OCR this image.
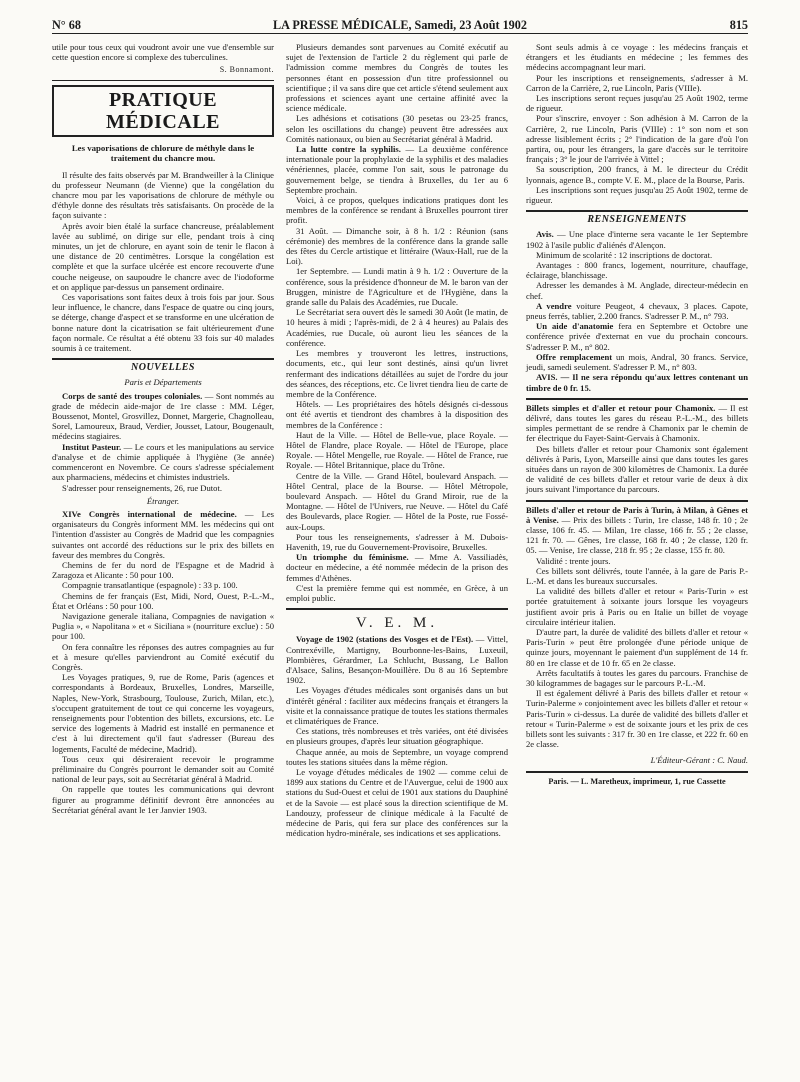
N° 68	LA PRESSE MÉDICALE, Samedi, 23 Août 1902	815

utile pour tous ceux qui voudront avoir une vue d'ensemble sur cette question encore si complexe des tuberculines.

S. Bonnamont.
PRATIQUE MÉDICALE
Les vaporisations de chlorure de méthyle dans le traitement du chancre mou.

Il résulte des faits observés par M. Brandweiller à la Clinique du professeur Neumann (de Vienne) que la congélation du chancre mou par les vaporisations de chlorure de méthyle ou d'éthyle donne des résultats très satisfaisants. On procède de la façon suivante :

Après avoir bien étalé la surface chancreuse, préalablement lavée au sublimé, on dirige sur elle, pendant trois à cinq minutes, un jet de chlorure, en ayant soin de tenir le flacon à une distance de 20 centimètres. Lorsque la congélation est complète et que la surface ulcérée est encore recouverte d'une couche neigeuse, on saupoudre le chancre avec de l'iodoforme et on applique par-dessus un pansement ordinaire.

Ces vaporisations sont faites deux à trois fois par jour. Sous leur influence, le chancre, dans l'espace de quatre ou cinq jours, se déterge, change d'aspect et se transforme en une ulcération de bonne nature dont la cicatrisation se fait ultérieurement d'une façon normale. Ce résultat a été obtenu 33 fois sur 40 malades soumis à ce traitement.

NOUVELLES
Paris et Départements

Corps de santé des troupes coloniales. — Sont nommés au grade de médecin aide-major de 1re classe : MM. Léger, Boussenot, Montel, Grosvillez, Donnet, Margerie, Chagnolleau, Sorel, Lamoureux, Braud, Verdier, Jousset, Latour, Bougenault, médecins stagiaires.

Institut Pasteur. — Le cours et les manipulations au service d'analyse et de chimie appliquée à l'hygiène (3e année) commenceront en Novembre. Ce cours s'adresse spécialement aux pharmaciens, médecins et chimistes industriels.

S'adresser pour renseignements, 26, rue Dutot.

Étranger.

XIVe Congrès international de médecine. — Les organisateurs du Congrès informent MM. les médecins qui ont l'intention d'assister au Congrès de Madrid que les compagnies suivantes ont accordé des réductions sur le prix des billets en faveur des membres du Congrès.

Chemins de fer du nord de l'Espagne et de Madrid à Zaragoza et Alicante : 50 pour 100.

Compagnie transatlantique (espagnole) : 33 p. 100.

Chemins de fer français (Est, Midi, Nord, Ouest, P.-L.-M., État et Orléans : 50 pour 100.

Navigazione generale italiana, Compagnies de navigation « Puglia », « Napolitana » et « Siciliana » (nourriture exclue) : 50 pour 100.

On fera connaître les réponses des autres compagnies au fur et à mesure qu'elles parviendront au Comité exécutif du Congrès.

Les Voyages pratiques, 9, rue de Rome, Paris (agences et correspondants à Bordeaux, Bruxelles, Londres, Marseille, Naples, New-York, Strasbourg, Toulouse, Zurich, Milan, etc.), s'occupent gratuitement de tout ce qui concerne les voyageurs, renseignements pour l'obtention des billets, excursions, etc. Le service des logements à Madrid est installé en permanence et c'est à lui directement qu'il faut s'adresser (Bureau des logements, Faculté de médecine, Madrid).

Tous ceux qui désireraient recevoir le programme préliminaire du Congrès pourront le demander soit au Comité national de leur pays, soit au Secrétariat général à Madrid.

On rappelle que toutes les communications qui devront figurer au programme définitif devront être annoncées au Secrétariat général avant le 1er Janvier 1903.

Plusieurs demandes sont parvenues au Comité exécutif au sujet de l'extension de l'article 2 du règlement qui parle de l'admission comme membres du Congrès de toutes les personnes étant en possession d'un titre professionnel ou scientifique ; il va sans dire que cet article s'étend seulement aux professions et sciences ayant une certaine affinité avec la science médicale.

Les adhésions et cotisations (30 pesetas ou 23-25 francs, selon les oscillations du change) peuvent être adressées aux Comités nationaux, ou bien au Secrétariat général à Madrid.

La lutte contre la syphilis. — La deuxième conférence internationale pour la prophylaxie de la syphilis et des maladies vénériennes, placée, comme l'on sait, sous le patronage du gouvernement belge, se tiendra à Bruxelles, du 1er au 6 Septembre prochain.

Voici, à ce propos, quelques indications pratiques dont les membres de la conférence se rendant à Bruxelles pourront tirer profit.

31 Août. — Dimanche soir, à 8 h. 1/2 : Réunion (sans cérémonie) des membres de la conférence dans la grande salle des fêtes du Cercle artistique et littéraire (Waux-Hall, rue de la Loi).

1er Septembre. — Lundi matin à 9 h. 1/2 : Ouverture de la conférence, sous la présidence d'honneur de M. le baron van der Bruggen, ministre de l'Agriculture et de l'Hygiène, dans la grande salle du Palais des Académies, rue Ducale.

Le Secrétariat sera ouvert dès le samedi 30 Août (le matin, de 10 heures à midi ; l'après-midi, de 2 à 4 heures) au Palais des Académies, rue Ducale, où auront lieu les séances de la conférence.

Les membres y trouveront les lettres, instructions, documents, etc., qui leur sont destinés, ainsi qu'un livret renfermant des indications détaillées au sujet de l'ordre du jour des séances, des réceptions, etc. Ce livret tiendra lieu de carte de membre de la Conférence.

Hôtels. — Les propriétaires des hôtels désignés ci-dessous ont été avertis et tiendront des chambres à la disposition des membres de la Conférence :

Haut de la Ville. — Hôtel de Belle-vue, place Royale. — Hôtel de Flandre, place Royale. — Hôtel de l'Europe, place Royale. — Hôtel Mengelle, rue Royale. — Hôtel de France, rue Royale. — Hôtel Britannique, place du Trône.

Centre de la Ville. — Grand Hôtel, boulevard Anspach. — Hôtel Central, place de la Bourse. — Hôtel Métropole, boulevard Anspach. — Hôtel du Grand Miroir, rue de la Montagne. — Hôtel de l'Univers, rue Neuve. — Hôtel du Café des Boulevards, place Rogier. — Hôtel de la Poste, rue Fossé-aux-Loups.

Pour tous les renseignements, s'adresser à M. Dubois-Havenith, 19, rue du Gouvernement-Provisoire, Bruxelles.

Un triomphe du féminisme. — Mme A. Vassiliadès, docteur en médecine, a été nommée médecin de la prison des femmes d'Athènes.

C'est la première femme qui est nommée, en Grèce, à un emploi public.

V. E. M.

Voyage de 1902 (stations des Vosges et de l'Est). — Vittel, Contrexéville, Martigny, Bourbonne-les-Bains, Luxeuil, Plombières, Gérardmer, La Schlucht, Bussang, Le Ballon d'Alsace, Salins, Besançon-Mouillère. Du 8 au 16 Septembre 1902.

Les Voyages d'études médicales sont organisés dans un but d'intérêt général : faciliter aux médecins français et étrangers la visite et la connaissance pratique de toutes les stations thermales et climatériques de France.

Ces stations, très nombreuses et très variées, ont été divisées en plusieurs groupes, d'après leur situation géographique.

Chaque année, au mois de Septembre, un voyage comprend toutes les stations situées dans la même région.

Le voyage d'études médicales de 1902 — comme celui de 1899 aux stations du Centre et de l'Auvergue, celui de 1900 aux stations du Sud-Ouest et celui de 1901 aux stations du Dauphiné et de la Savoie — est placé sous la direction scientifique de M. Landouzy, professeur de clinique médicale à la Faculté de médecine de Paris, qui fera sur place des conférences sur la médication hydro-minérale, ses indications et ses applications.

Sont seuls admis à ce voyage : les médecins français et étrangers et les étudiants en médecine ; les femmes des médecins accompagnant leur mari.

Pour les inscriptions et renseignements, s'adresser à M. Carron de la Carrière, 2, rue Lincoln, Paris (VIIIe).

Les inscriptions seront reçues jusqu'au 25 Août 1902, terme de rigueur.

Pour s'inscrire, envoyer : Son adhésion à M. Carron de la Carrière, 2, rue Lincoln, Paris (VIIIe) : 1° son nom et son adresse lisiblement écrits ; 2° l'indication de la gare d'où l'on partira, ou, pour les étrangers, la gare d'accès sur le territoire français ; 3° le jour de l'arrivée à Vittel ;

Sa souscription, 200 francs, à M. le directeur du Crédit lyonnais, agence B., compte V. E. M., place de la Bourse, Paris.

Les inscriptions sont reçues jusqu'au 25 Août 1902, terme de rigueur.

RENSEIGNEMENTS

Avis. — Une place d'interne sera vacante le 1er Septembre 1902 à l'asile public d'aliénés d'Alençon.

Minimum de scolarité : 12 inscriptions de doctorat.

Avantages : 800 francs, logement, nourriture, chauffage, éclairage, blanchissage.

Adresser les demandes à M. Anglade, directeur-médecin en chef.

A vendre voiture Peugeot, 4 chevaux, 3 places. Capote, pneus ferrés, tablier, 2.200 francs. S'adresser P. M., n° 793.

Un aide d'anatomie fera en Septembre et Octobre une conférence privée d'externat en vue du prochain concours. S'adresser P. M., n° 802.

Offre remplacement un mois, Andral, 30 francs. Service, jeudi, samedi seulement. S'adresser P. M., n° 803.

AVIS. — Il ne sera répondu qu'aux lettres contenant un timbre de 0 fr. 15.

Billets simples et d'aller et retour pour Chamonix. — Il est délivré, dans toutes les gares du réseau P.-L.-M., des billets simples permettant de se rendre à Chamonix par le chemin de fer électrique du Fayet-Saint-Gervais à Chamonix.

Des billets d'aller et retour pour Chamonix sont également délivrés à Paris, Lyon, Marseille ainsi que dans toutes les gares situées dans un rayon de 300 kilomètres de Chamonix. La durée de validité de ces billets d'aller et retour varie de deux à dix jours suivant l'importance du parcours.

Billets d'aller et retour de Paris à Turin, à Milan, à Gênes et à Venise. — Prix des billets : Turin, 1re classe, 148 fr. 10 ; 2e classe, 106 fr. 45. — Milan, 1re classe, 166 fr. 55 ; 2e classe, 121 fr. 70. — Gênes, 1re classe, 168 fr. 40 ; 2e classe, 120 fr. 05. — Venise, 1re classe, 218 fr. 95 ; 2e classe, 155 fr. 80.

Validité : trente jours.

Ces billets sont délivrés, toute l'année, à la gare de Paris P.-L.-M. et dans les bureaux succursales.

La validité des billets d'aller et retour « Paris-Turin » est portée gratuitement à soixante jours lorsque les voyageurs justifient avoir pris à Paris ou en Italie un billet de voyage circulaire intérieur italien.

D'autre part, la durée de validité des billets d'aller et retour « Paris-Turin » peut être prolongée d'une période unique de quinze jours, moyennant le paiement d'un supplément de 14 fr. 80 en 1re classe et de 10 fr. 65 en 2e classe.

Arrêts facultatifs à toutes les gares du parcours. Franchise de 30 kilogrammes de bagages sur le parcours P.-L.-M.

Il est également délivré à Paris des billets d'aller et retour « Turin-Palerme » conjointement avec les billets d'aller et retour « Paris-Turin » ci-dessus. La durée de validité des billets d'aller et retour « Turin-Palerme » est de soixante jours et les prix de ces billets sont les suivants : 317 fr. 30 en 1re classe, et 222 fr. 60 en 2e classe.

L'Éditeur-Gérant : C. Naud.
Paris. — L. Maretheux, imprimeur, 1, rue Cassette
